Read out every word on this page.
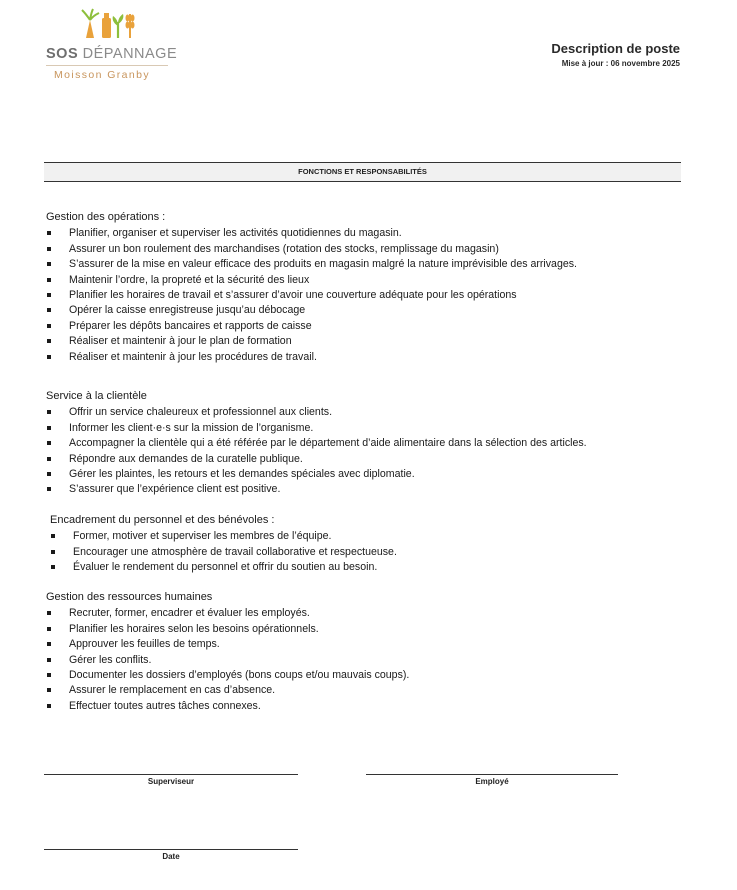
SOS DÉPANNAGE
Moisson Granby
Description de poste
Mise à jour : 06 novembre 2025
FONCTIONS ET RESPONSABILITÉS
Gestion des opérations :
Planifier, organiser et superviser les activités quotidiennes du magasin.
Assurer un bon roulement des marchandises (rotation des stocks, remplissage du magasin)
S’assurer de la mise en valeur efficace des produits en magasin malgré la nature imprévisible des arrivages.
Maintenir l’ordre, la propreté et la sécurité des lieux
Planifier les horaires de travail et s’assurer d’avoir une couverture adéquate pour les opérations
Opérer la caisse enregistreuse jusqu’au débocage
Préparer les dépôts bancaires et rapports de caisse
Réaliser et maintenir à jour le plan de formation
Réaliser et maintenir à jour les procédures de travail.
Service à la clientèle
Offrir un service chaleureux et professionnel aux clients.
Informer les client·e·s sur la mission de l’organisme.
Accompagner la clientèle qui a été référée par le département d’aide alimentaire dans la sélection des articles.
Répondre aux demandes de la curatelle publique.
Gérer les plaintes, les retours et les demandes spéciales avec diplomatie.
S’assurer que l’expérience client est positive.
Encadrement du personnel et des bénévoles :
Former, motiver et superviser les membres de l’équipe.
Encourager une atmosphère de travail collaborative et respectueuse.
Évaluer le rendement du personnel et offrir du soutien au besoin.
Gestion des ressources humaines
Recruter, former, encadrer et évaluer les employés.
Planifier les horaires selon les besoins opérationnels.
Approuver les feuilles de temps.
Gérer les conflits.
Documenter les dossiers d’employés (bons coups et/ou mauvais coups).
Assurer le remplacement en cas d’absence.
Effectuer toutes autres tâches connexes.
Superviseur	Employé
Date
